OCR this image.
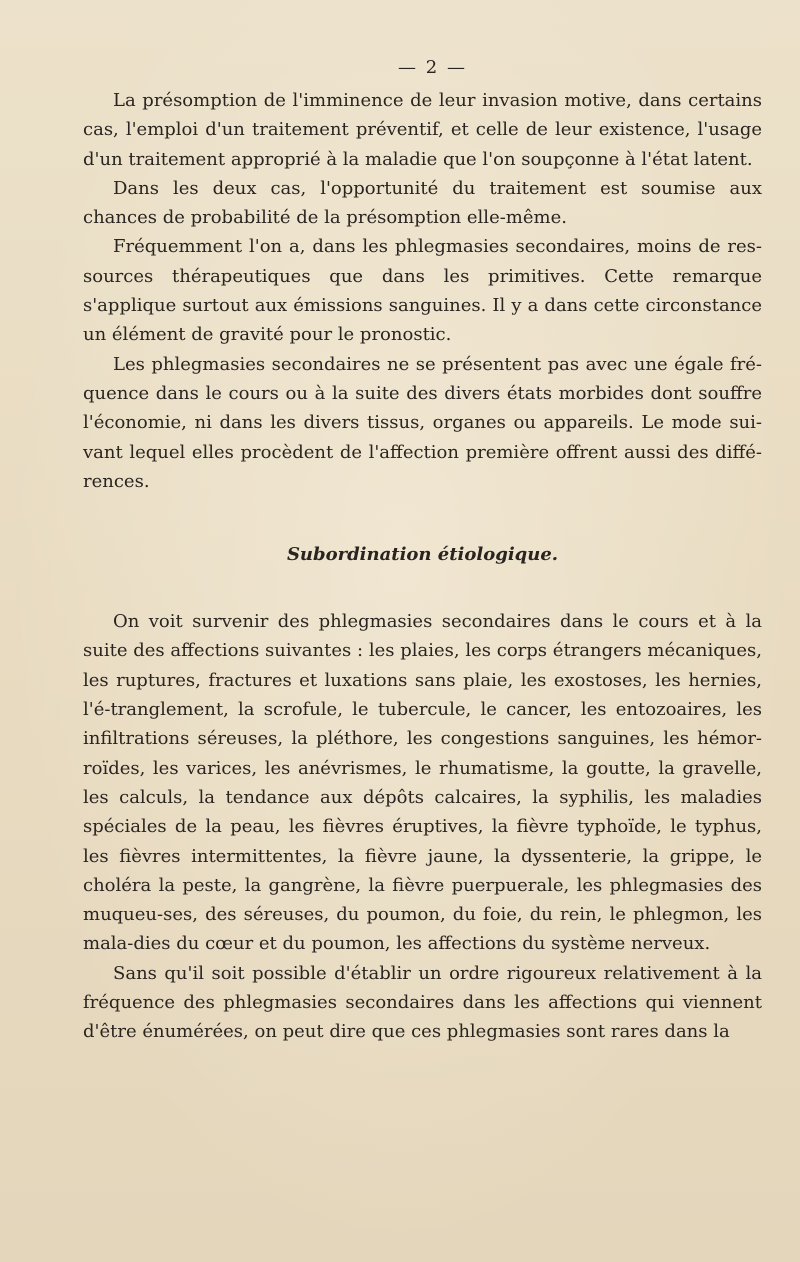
— 2 —

La présomption de l'imminence de leur invasion motive, dans certains cas, l'emploi d'un traitement préventif, et celle de leur existence, l'usage d'un traitement approprié à la maladie que l'on soupçonne à l'état latent.

Dans les deux cas, l'opportunité du traitement est soumise aux chances de probabilité de la présomption elle-même.

Fréquemment l'on a, dans les phlegmasies secondaires, moins de res-sources thérapeutiques que dans les primitives. Cette remarque s'applique surtout aux émissions sanguines. Il y a dans cette circonstance un élément de gravité pour le pronostic.

Les phlegmasies secondaires ne se présentent pas avec une égale fré-quence dans le cours ou à la suite des divers états morbides dont souffre l'économie, ni dans les divers tissus, organes ou appareils. Le mode sui-vant lequel elles procèdent de l'affection première offrent aussi des diffé-rences.

Subordination étiologique.

On voit survenir des phlegmasies secondaires dans le cours et à la suite des affections suivantes : les plaies, les corps étrangers mécaniques, les ruptures, fractures et luxations sans plaie, les exostoses, les hernies, l'é-tranglement, la scrofule, le tubercule, le cancer, les entozoaires, les infiltrations séreuses, la pléthore, les congestions sanguines, les hémor-roïdes, les varices, les anévrismes, le rhumatisme, la goutte, la gravelle, les calculs, la tendance aux dépôts calcaires, la syphilis, les maladies spéciales de la peau, les fièvres éruptives, la fièvre typhoïde, le typhus, les fièvres intermittentes, la fièvre jaune, la dyssenterie, la grippe, le choléra la peste, la gangrène, la fièvre puerpuerale, les phlegmasies des muqueu-ses, des séreuses, du poumon, du foie, du rein, le phlegmon, les mala-dies du cœur et du poumon, les affections du système nerveux.

Sans qu'il soit possible d'établir un ordre rigoureux relativement à la fréquence des phlegmasies secondaires dans les affections qui viennent d'être énumérées, on peut dire que ces phlegmasies sont rares dans la
